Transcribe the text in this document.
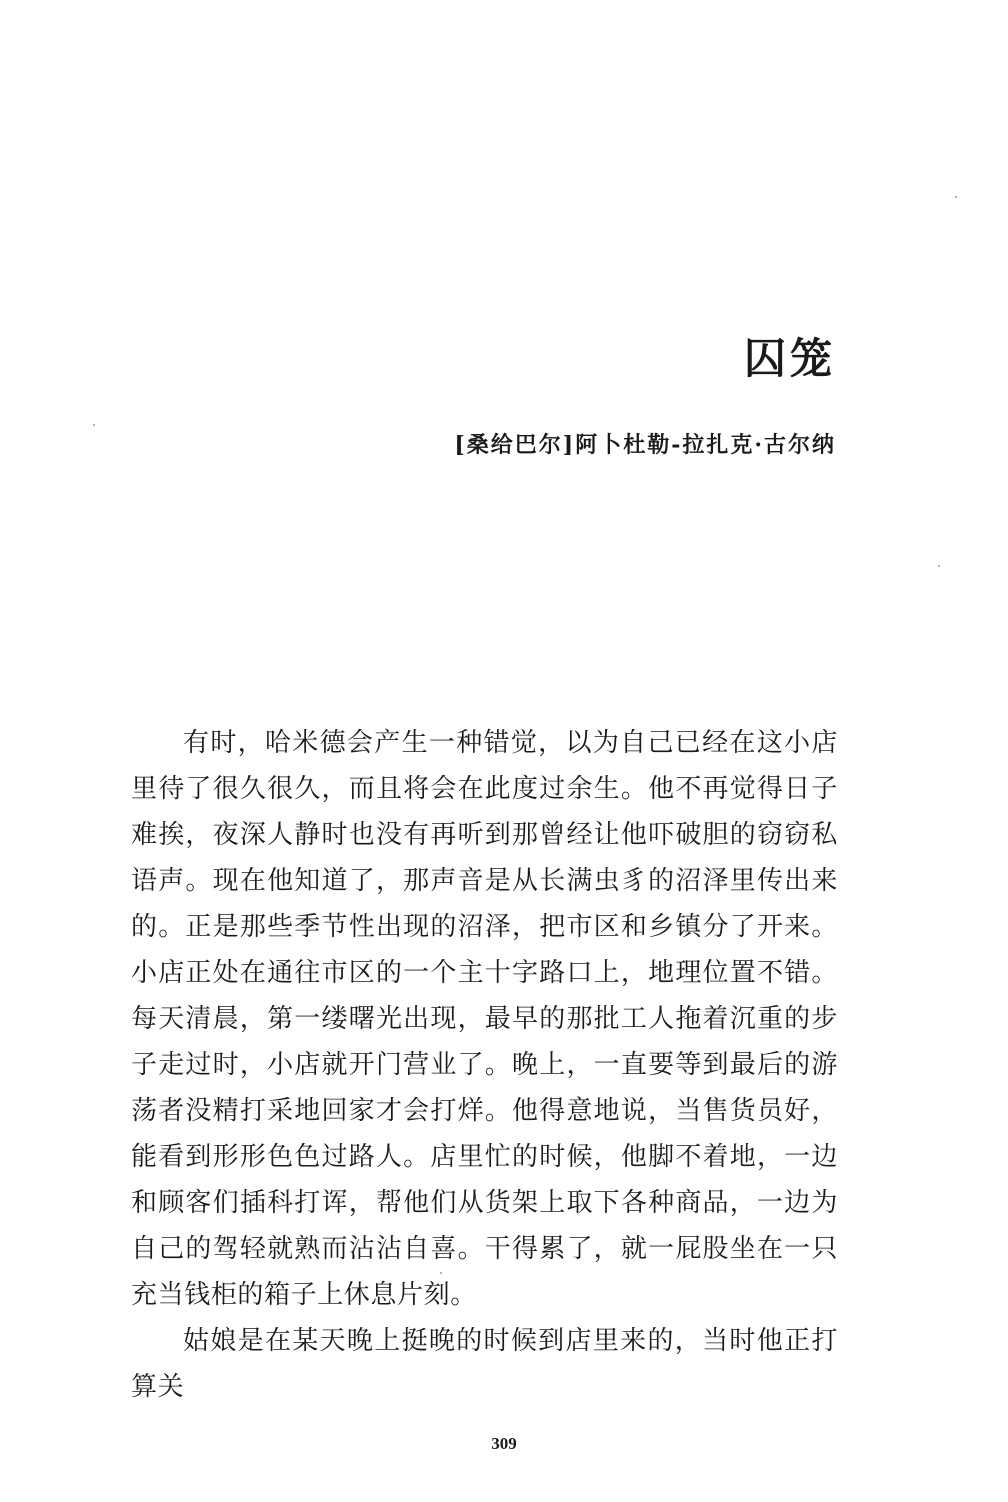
囚笼

[桑给巴尔]阿卜杜勒-拉扎克·古尔纳

有时，哈米德会产生一种错觉，以为自己已经在这小店里待了很久很久，而且将会在此度过余生。他不再觉得日子难挨，夜深人静时也没有再听到那曾经让他吓破胆的窃窃私语声。现在他知道了，那声音是从长满虫豸的沼泽里传出来的。正是那些季节性出现的沼泽，把市区和乡镇分了开来。小店正处在通往市区的一个主十字路口上，地理位置不错。每天清晨，第一缕曙光出现，最早的那批工人拖着沉重的步子走过时，小店就开门营业了。晚上，一直要等到最后的游荡者没精打采地回家才会打烊。他得意地说，当售货员好，能看到形形色色过路人。店里忙的时候，他脚不着地，一边和顾客们插科打诨，帮他们从货架上取下各种商品，一边为自己的驾轻就熟而沾沾自喜。干得累了，就一屁股坐在一只充当钱柜的箱子上休息片刻。

姑娘是在某天晚上挺晚的时候到店里来的，当时他正打算关

309
